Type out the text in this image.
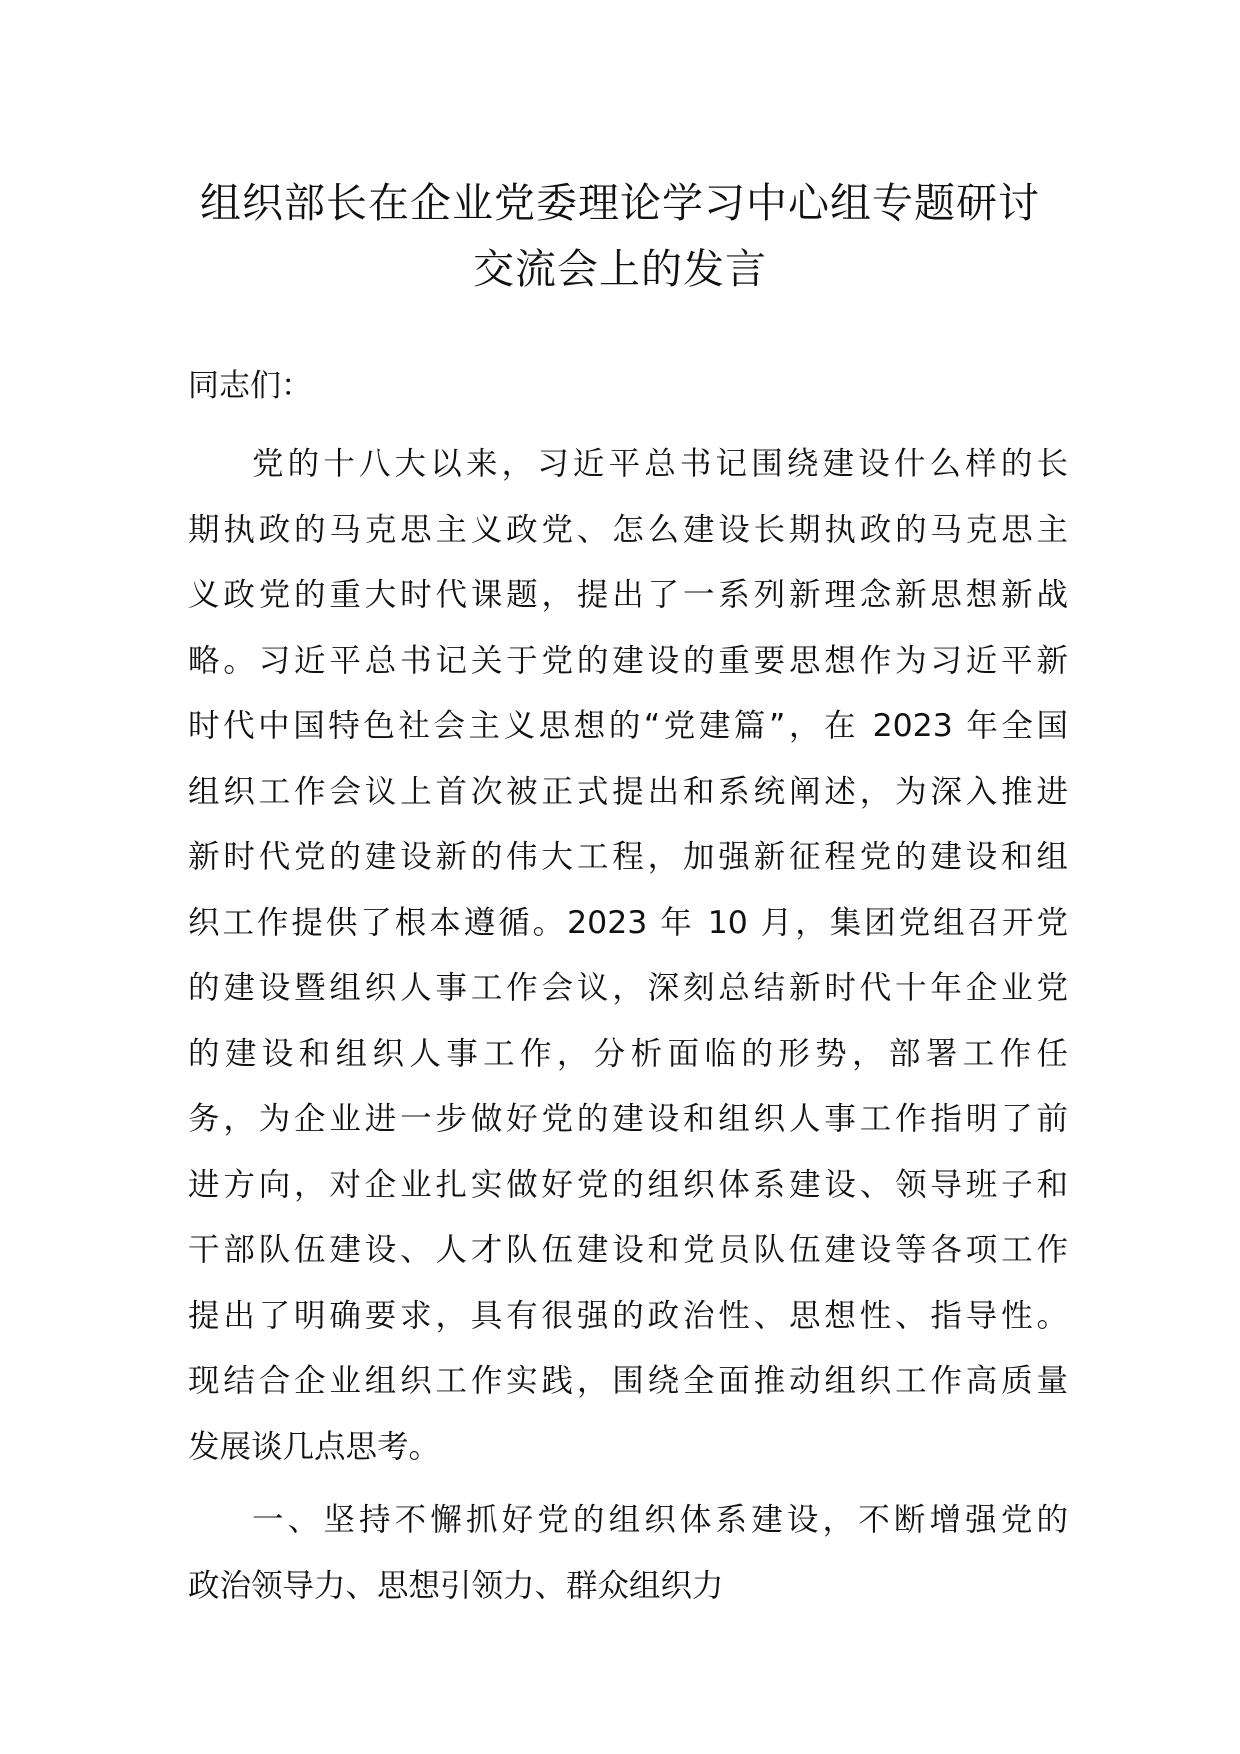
组织部长在企业党委理论学习中心组专题研讨
交流会上的发言

同志们：

党的十八大以来，习近平总书记围绕建设什么样的长
期执政的马克思主义政党、怎么建设长期执政的马克思主
义政党的重大时代课题，提出了一系列新理念新思想新战
略。习近平总书记关于党的建设的重要思想作为习近平新
时代中国特色社会主义思想的“党建篇”，在 2023 年全国
组织工作会议上首次被正式提出和系统阐述，为深入推进
新时代党的建设新的伟大工程，加强新征程党的建设和组
织工作提供了根本遵循。2023 年 10 月，集团党组召开党
的建设暨组织人事工作会议，深刻总结新时代十年企业党
的建设和组织人事工作，分析面临的形势，部署工作任
务，为企业进一步做好党的建设和组织人事工作指明了前
进方向，对企业扎实做好党的组织体系建设、领导班子和
干部队伍建设、人才队伍建设和党员队伍建设等各项工作
提出了明确要求，具有很强的政治性、思想性、指导性。
现结合企业组织工作实践，围绕全面推动组织工作高质量
发展谈几点思考。
一、坚持不懈抓好党的组织体系建设，不断增强党的
政治领导力、思想引领力、群众组织力
